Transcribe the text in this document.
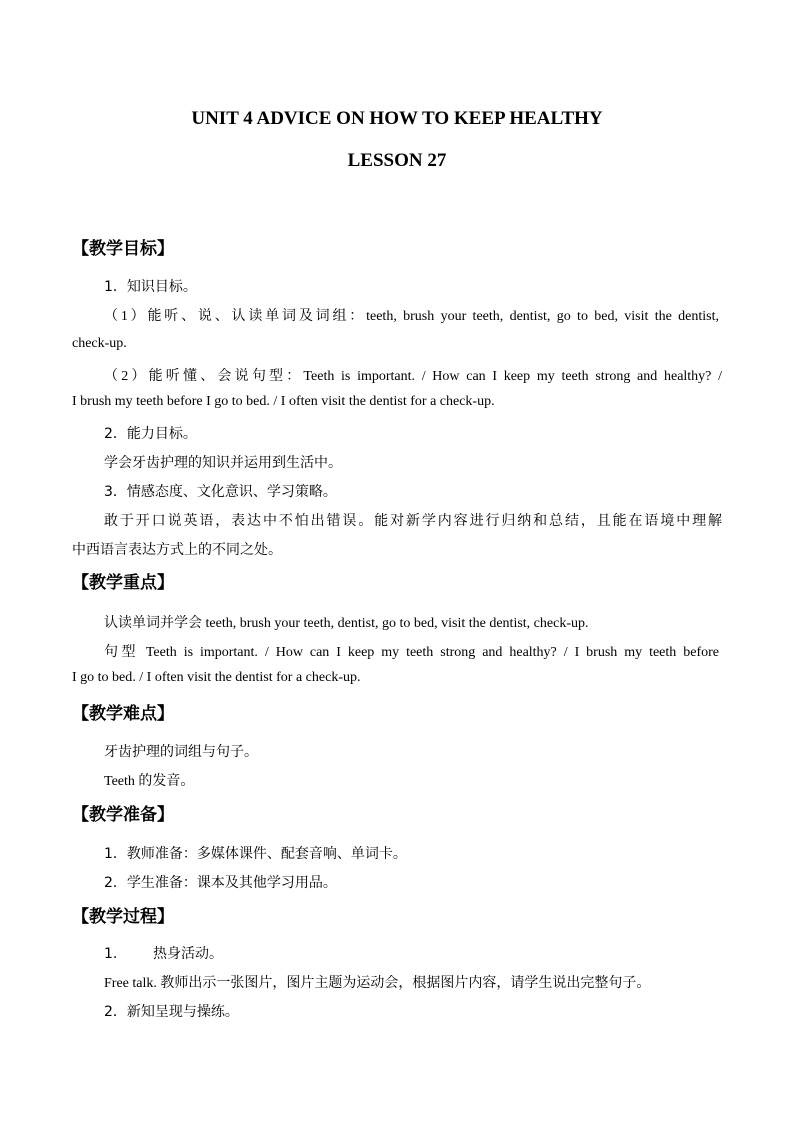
UNIT 4 ADVICE ON HOW TO KEEP HEALTHY
LESSON 27
【教学目标】
1．知识目标。
（1）能听、说、认读单词及词组：teeth, brush your teeth, dentist, go to bed, visit the dentist,
check-up.
（2）能听懂、会说句型：Teeth is important. / How can I keep my teeth strong and healthy? /
I brush my teeth before I go to bed. / I often visit the dentist for a check-up.
2．能力目标。
学会牙齿护理的知识并运用到生活中。
3．情感态度、文化意识、学习策略。
敢于开口说英语，表达中不怕出错误。能对新学内容进行归纳和总结，且能在语境中理解
中西语言表达方式上的不同之处。
【教学重点】
认读单词并学会 teeth, brush your teeth, dentist, go to bed, visit the dentist, check-up.
句型 Teeth is important. / How can I keep my teeth strong and healthy? / I brush my teeth before
I go to bed. / I often visit the dentist for a check-up.
【教学难点】
牙齿护理的词组与句子。
Teeth 的发音。
【教学准备】
1．教师准备：多媒体课件、配套音响、单词卡。
2．学生准备：课本及其他学习用品。
【教学过程】
1.        热身活动。
Free talk. 教师出示一张图片，图片主题为运动会，根据图片内容，请学生说出完整句子。
2．新知呈现与操练。
